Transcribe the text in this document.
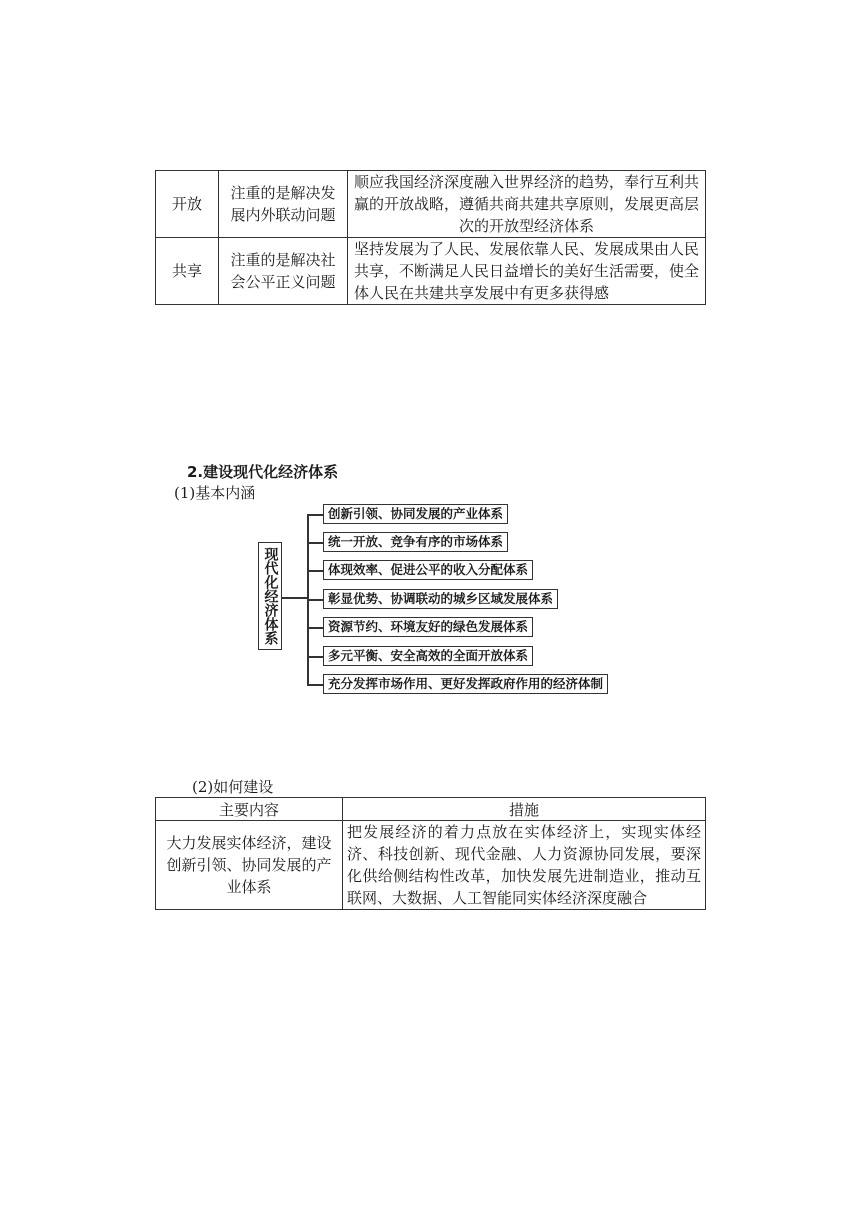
开放	注重的是解决发展内外联动问题	顺应我国经济深度融入世界经济的趋势，奉行互利共赢的开放战略，遵循共商共建共享原则，发展更高层次的开放型经济体系
共享	注重的是解决社会公平正义问题	坚持发展为了人民、发展依靠人民、发展成果由人民共享，不断满足人民日益增长的美好生活需要，使全体人民在共建共享发展中有更多获得感
2.建设现代化经济体系
(1)基本内涵
现代化经济体系
创新引领、协同发展的产业体系
统一开放、竞争有序的市场体系
体现效率、促进公平的收入分配体系
彰显优势、协调联动的城乡区域发展体系
资源节约、环境友好的绿色发展体系
多元平衡、安全高效的全面开放体系
充分发挥市场作用、更好发挥政府作用的经济体制
(2)如何建设
主要内容	措施
大力发展实体经济，建设创新引领、协同发展的产业体系	把发展经济的着力点放在实体经济上，实现实体经济、科技创新、现代金融、人力资源协同发展，要深化供给侧结构性改革，加快发展先进制造业，推动互联网、大数据、人工智能同实体经济深度融合
